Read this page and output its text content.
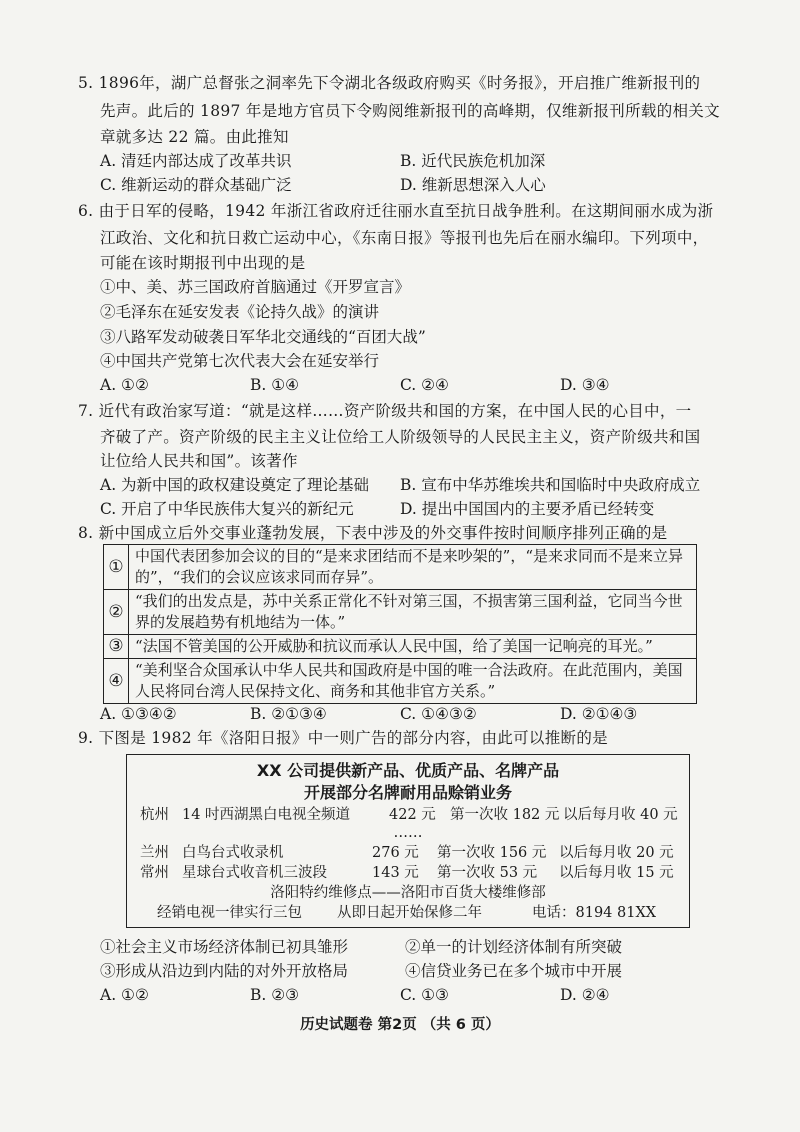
5. 1896年，湖广总督张之洞率先下令湖北各级政府购买《时务报》，开启推广维新报刊的
先声。此后的 1897 年是地方官员下令购阅维新报刊的高峰期，仅维新报刊所载的相关文
章就多达 22 篇。由此推知
A. 清廷内部达成了改革共识	B. 近代民族危机加深
C. 维新运动的群众基础广泛	D. 维新思想深入人心
6. 由于日军的侵略，1942 年浙江省政府迁往丽水直至抗日战争胜利。在这期间丽水成为浙
江政治、文化和抗日救亡运动中心，《东南日报》等报刊也先后在丽水编印。下列项中，
可能在该时期报刊中出现的是
①中、美、苏三国政府首脑通过《开罗宣言》
②毛泽东在延安发表《论持久战》的演讲
③八路军发动破袭日军华北交通线的“百团大战”
④中国共产党第七次代表大会在延安举行
A. ①②	B. ①④	C. ②④	D. ③④
7. 近代有政治家写道：“就是这样……资产阶级共和国的方案，在中国人民的心目中，一
齐破了产。资产阶级的民主主义让位给工人阶级领导的人民民主主义，资产阶级共和国
让位给人民共和国”。该著作
A. 为新中国的政权建设奠定了理论基础 B. 宣布中华苏维埃共和国临时中央政府成立
C. 开启了中华民族伟大复兴的新纪元	D. 提出中国国内的主要矛盾已经转变
8. 新中国成立后外交事业蓬勃发展，下表中涉及的外交事件按时间顺序排列正确的是
①	中国代表团参加会议的目的“是来求团结而不是来吵架的”，“是来求同而不是来立异的”，“我们的会议应该求同而存异”。
②	“我们的出发点是，苏中关系正常化不针对第三国，不损害第三国利益，它同当今世界的发展趋势有机地结为一体。”
③	“法国不管美国的公开威胁和抗议而承认人民中国，给了美国一记响亮的耳光。”
④	“美利坚合众国承认中华人民共和国政府是中国的唯一合法政府。在此范围内，美国人民将同台湾人民保持文化、商务和其他非官方关系。”
A. ①③④②	B. ②①③④	C. ①④③②	D. ②①④③
9. 下图是 1982 年《洛阳日报》中一则广告的部分内容，由此可以推断的是
XX 公司提供新产品、优质产品、名牌产品
开展部分名牌耐用品赊销业务
杭州 14 吋西湖黑白电视全频道	422 元 第一次收 182 元 以后每月收 40 元
……
兰州 白鸟台式收录机	276 元 第一次收 156 元 以后每月收 20 元
常州 星球台式收音机三波段	143 元 第一次收 53 元 以后每月收 15 元
洛阳特约维修点——洛阳市百货大楼维修部
经销电视一律实行三包 从即日起开始保修二年	电话：8194 81XX
①社会主义市场经济体制已初具雏形	②单一的计划经济体制有所突破
③形成从沿边到内陆的对外开放格局	④信贷业务已在多个城市中开展
A. ①②	B. ②③	C. ①③	D. ②④
历史试题卷 第2页 （共 6 页）
